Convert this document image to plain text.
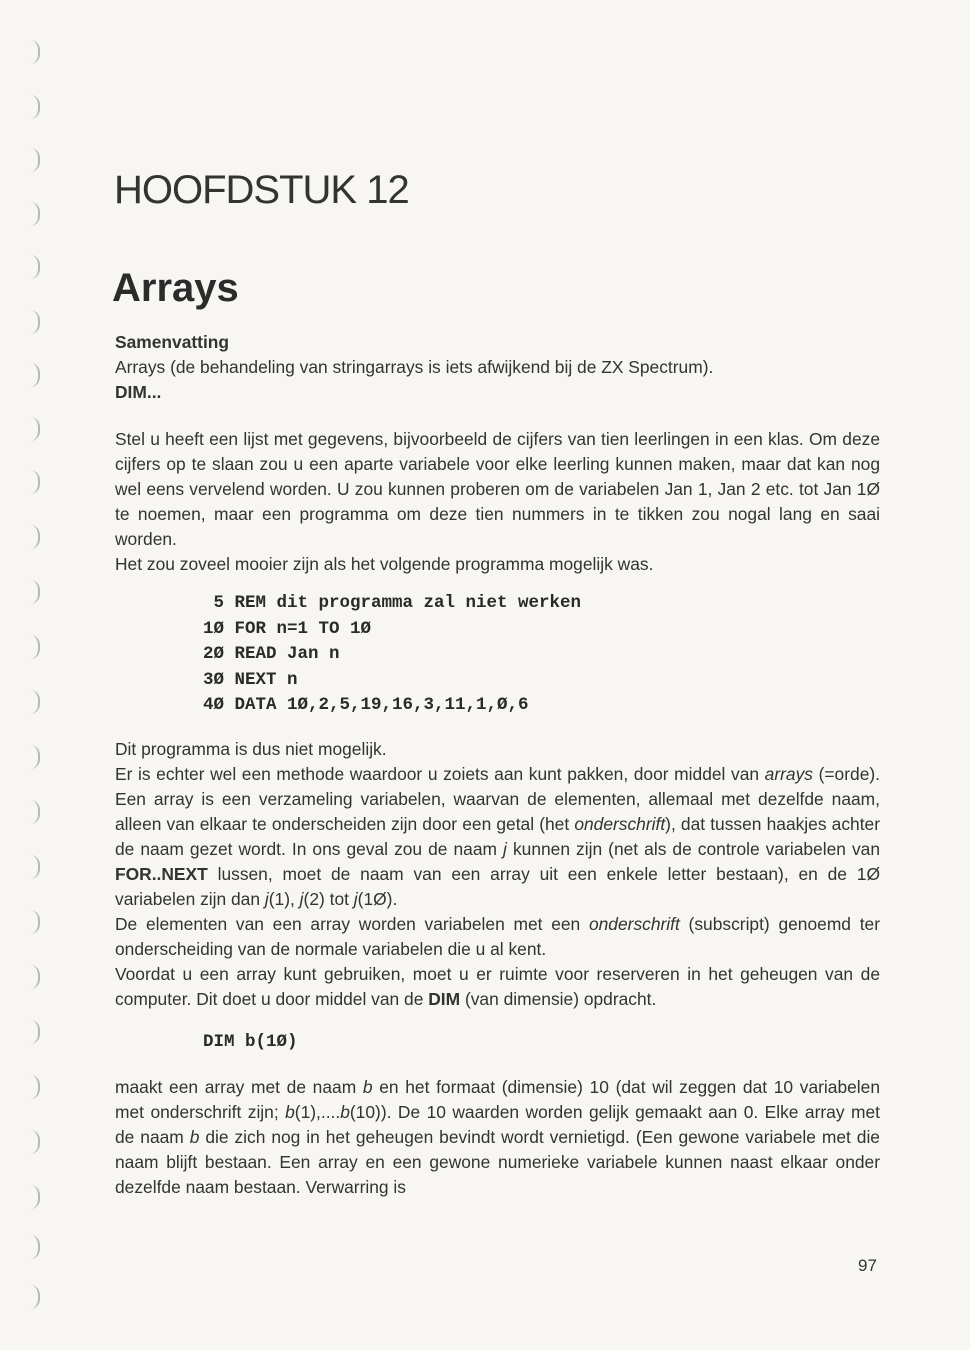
HOOFDSTUK 12
Arrays

Samenvatting

Arrays (de behandeling van stringarrays is iets afwijkend bij de ZX Spectrum).

DIM...

Stel u heeft een lijst met gegevens, bijvoorbeeld de cijfers van tien leerlingen in een klas. Om deze cijfers op te slaan zou u een aparte variabele voor elke leerling kunnen maken, maar dat kan nog wel eens vervelend worden. U zou kunnen proberen om de variabelen Jan 1, Jan 2 etc. tot Jan 1Ø te noemen, maar een programma om deze tien nummers in te tikken zou nogal lang en saai worden.

Het zou zoveel mooier zijn als het volgende programma mogelijk was.

5 REM dit programma zal niet werken
1Ø FOR n=1 TO 1Ø
2Ø READ Jan n
3Ø NEXT n
4Ø DATA 1Ø,2,5,19,16,3,11,1,Ø,6

Dit programma is dus niet mogelijk.

Er is echter wel een methode waardoor u zoiets aan kunt pakken, door middel van arrays (=orde). Een array is een verzameling variabelen, waarvan de elementen, allemaal met dezelfde naam, alleen van elkaar te onderscheiden zijn door een getal (het onderschrift), dat tussen haakjes achter de naam gezet wordt. In ons geval zou de naam j kunnen zijn (net als de controle variabelen van FOR..NEXT lussen, moet de naam van een array uit een enkele letter bestaan), en de 1Ø variabelen zijn dan j(1), j(2) tot j(1Ø).

De elementen van een array worden variabelen met een onderschrift (subscript) genoemd ter onderscheiding van de normale variabelen die u al kent.

Voordat u een array kunt gebruiken, moet u er ruimte voor reserveren in het geheugen van de computer. Dit doet u door middel van de DIM (van dimensie) opdracht.

DIM b(1Ø)

maakt een array met de naam b en het formaat (dimensie) 10 (dat wil zeggen dat 10 variabelen met onderschrift zijn; b(1),....b(10)). De 10 waarden worden gelijk gemaakt aan 0. Elke array met de naam b die zich nog in het geheugen bevindt wordt vernietigd. (Een gewone variabele met die naam blijft bestaan. Een array en een gewone numerieke variabele kunnen naast elkaar onder dezelfde naam bestaan. Verwarring is

97
